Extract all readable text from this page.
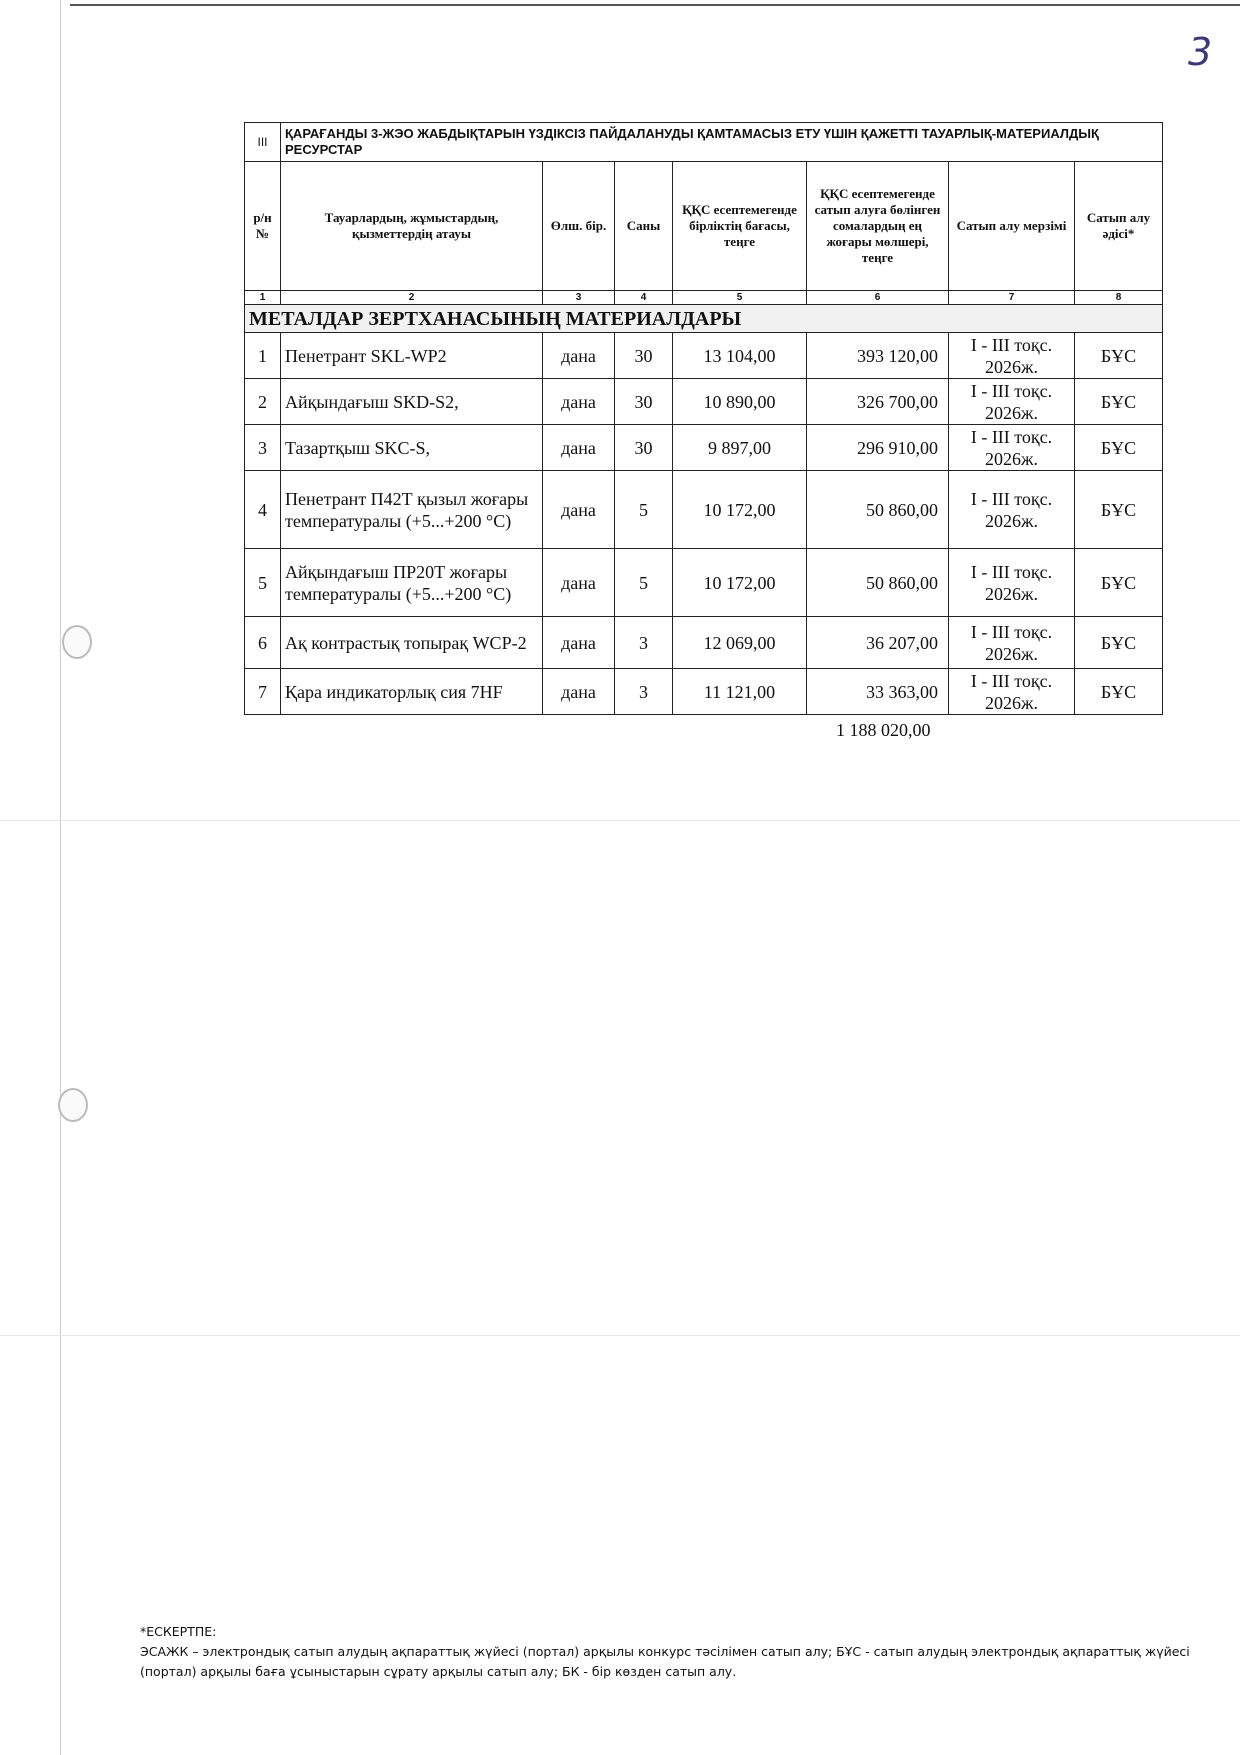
3
III	ҚАРАҒАНДЫ 3-ЖЭО ЖАБДЫҚТАРЫН ҮЗДІКСІЗ ПАЙДАЛАНУДЫ ҚАМТАМАСЫЗ ЕТУ ҮШІН ҚАЖЕТТІ ТАУАРЛЫҚ-МАТЕРИАЛДЫҚ РЕСУРСТАР						
р/н №	Тауарлардың, жұмыстардың, қызметтердің атауы	Өлш. бір.	Саны	ҚҚС есептемегенде бірліктің бағасы, теңге	ҚҚС есептемегенде сатып алуға бөлінген сомалардың ең жоғары мөлшері, теңге	Сатып алу мерзімі	Сатып алу әдісі*
1	2	3	4	5	6	7	8
МЕТАЛДАР ЗЕРТХАНАСЫНЫҢ МАТЕРИАЛДАРЫ							
1	Пенетрант SKL-WP2	дана	30	13 104,00	393 120,00	I - III тоқс. 2026ж.	БҰС
2	Айқындағыш SKD-S2,	дана	30	10 890,00	326 700,00	I - III тоқс. 2026ж.	БҰС
3	Тазартқыш SKC-S,	дана	30	9 897,00	296 910,00	I - III тоқс. 2026ж.	БҰС
4	Пенетрант П42Т қызыл жоғары температуралы (+5...+200 °С)	дана	5	10 172,00	50 860,00	I - III тоқс. 2026ж.	БҰС
5	Айқындағыш ПР20Т жоғары температуралы (+5...+200 °С)	дана	5	10 172,00	50 860,00	I - III тоқс. 2026ж.	БҰС
6	Ақ контрастық топырақ WCP-2	дана	3	12 069,00	36 207,00	I - III тоқс. 2026ж.	БҰС
7	Қара индикаторлық сия 7HF	дана	3	11 121,00	33 363,00	I - III тоқс. 2026ж.	БҰС
1 188 020,00
*ЕСКЕРТПЕ:
ЭСАЖК – электрондық сатып алудың ақпараттық жүйесі (портал) арқылы конкурс тәсілімен сатып алу; БҰС - сатып алудың электрондық ақпараттық жүйесі (портал) арқылы баға ұсыныстарын сұрату арқылы сатып алу; БК - бір көзден сатып алу.
